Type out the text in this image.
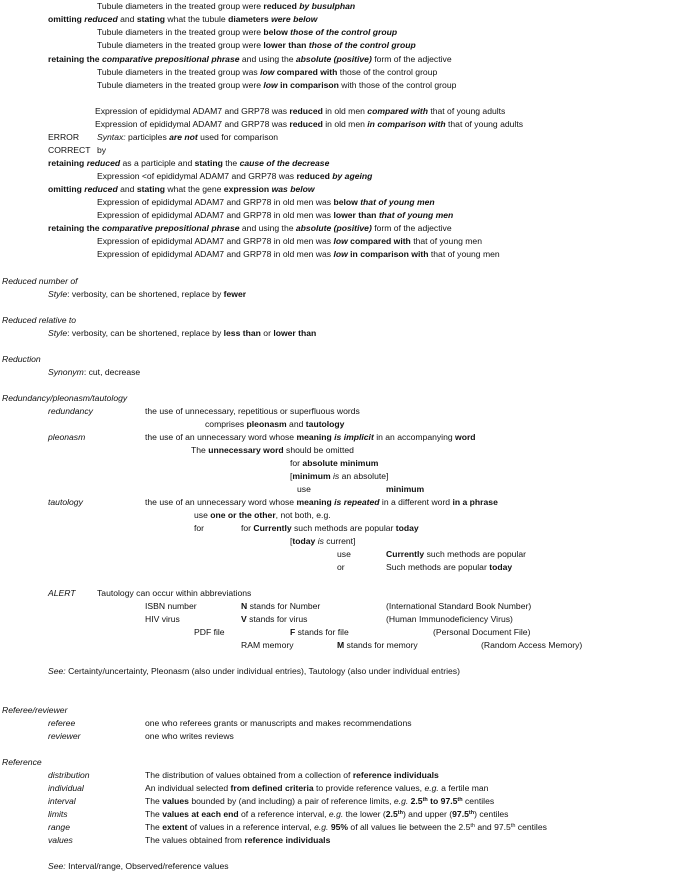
Tubule diameters in the treated group were reduced by busulphan
omitting reduced and stating what the tubule diameters were below
Tubule diameters in the treated group were below those of the control group
Tubule diameters in the treated group were lower than those of the control group
retaining the comparative prepositional phrase and using the absolute (positive) form of the adjective
Tubule diameters in the treated group was low compared with those of the control group
Tubule diameters in the treated group were low in comparison with those of the control group
Expression of epididymal ADAM7 and GRP78 was reduced in old men compared with that of young adults
Expression of epididymal ADAM7 and GRP78 was reduced in old men in comparison with that of young adults
ERROR Syntax: participles are not used for comparison
CORRECT by
retaining reduced as a participle and stating the cause of the decrease
Expression <of epididymal ADAM7 and GRP78 was reduced by ageing
omitting reduced and stating what the gene expression was below
Expression of epididymal ADAM7 and GRP78 in old men was below that of young men
Expression of epididymal ADAM7 and GRP78 in old men was lower than that of young men
retaining the comparative prepositional phrase and using the absolute (positive) form of the adjective
Expression of epididymal ADAM7 and GRP78 in old men was low compared with that of young men
Expression of epididymal ADAM7 and GRP78 in old men was low in comparison with that of young men
Reduced number of
Style: verbosity, can be shortened, replace by fewer
Reduced relative to
Style: verbosity, can be shortened, replace by less than or lower than
Reduction
Synonym: cut, decrease
Redundancy/pleonasm/tautology
redundancy	the use of unnecessary, repetitious or superfluous words
comprises pleonasm and tautology
pleonasm	the use of an unnecessary word whose meaning is implicit in an accompanying word
The unnecessary word should be omitted
for absolute minimum
[minimum is an absolute]
use	minimum
tautology	the use of an unnecessary word whose meaning is repeated in a different word in a phrase
use one or the other, not both, e.g.
for	for Currently such methods are popular today
[today is current]
use	Currently such methods are popular
or	Such methods are popular today
ALERT Tautology can occur within abbreviations
ISBN number	N stands for Number	(International Standard Book Number)
HIV virus	V stands for virus	(Human Immunodeficiency Virus)
PDF file	F stands for file	(Personal Document File)
RAM memory	M stands for memory	(Random Access Memory)
See: Certainty/uncertainty, Pleonasm (also under individual entries), Tautology (also under individual entries)
Referee/reviewer
referee	one who referees grants or manuscripts and makes recommendations
reviewer	one who writes reviews
Reference
distribution	The distribution of values obtained from a collection of reference individuals
individual	An individual selected from defined criteria to provide reference values, e.g. a fertile man
interval	The values bounded by (and including) a pair of reference limits, e.g. 2.5th to 97.5th centiles
limits	The values at each end of a reference interval, e.g. the lower (2.5th) and upper (97.5th) centiles
range	The extent of values in a reference interval, e.g. 95% of all values lie between the 2.5th and 97.5th centiles
values	The values obtained from reference individuals
See: Interval/range, Observed/reference values
